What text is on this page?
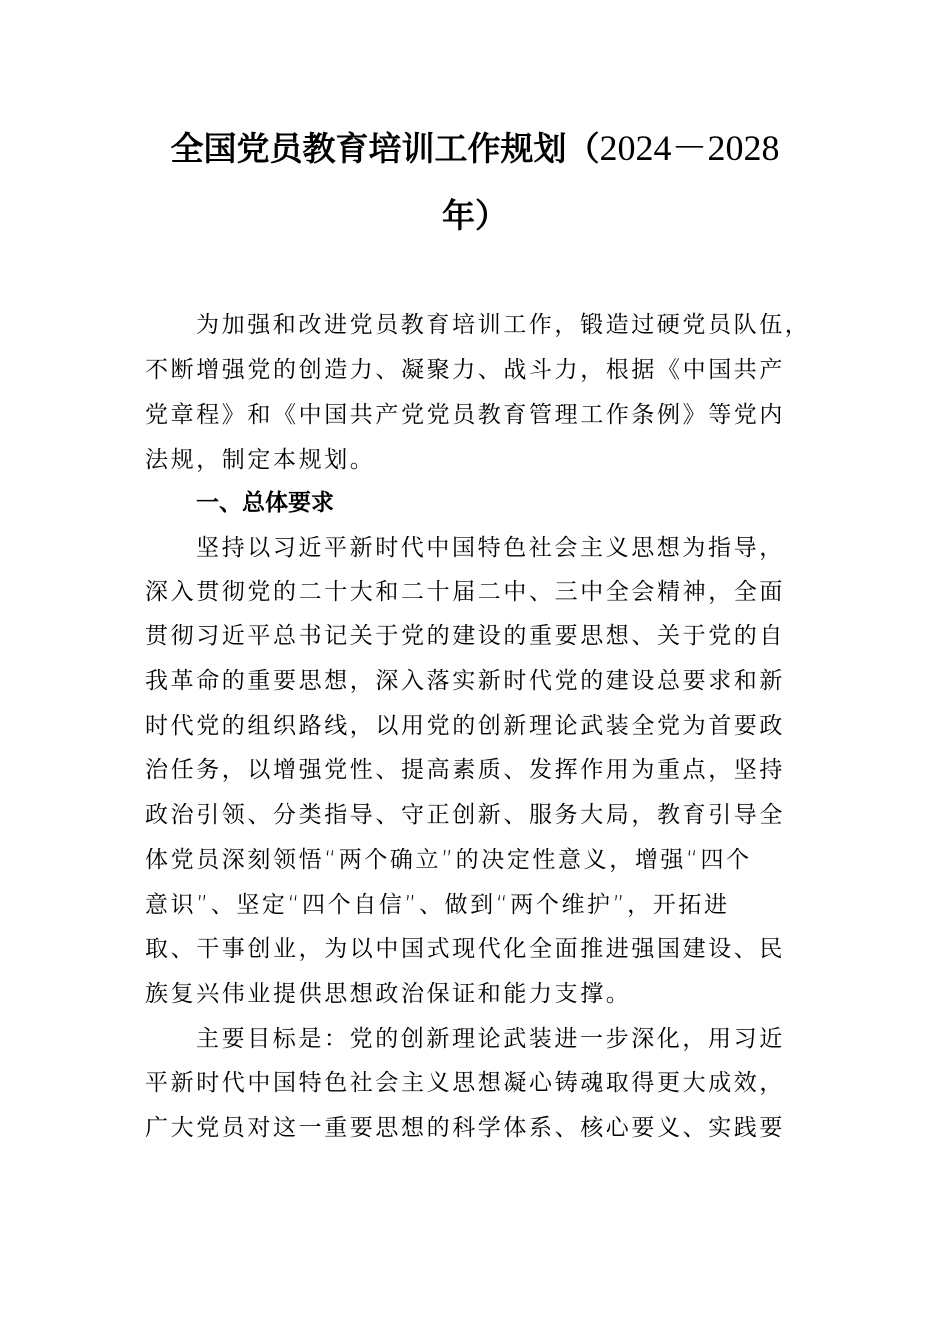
全国党员教育培训工作规划（2024－2028
年）
为加强和改进党员教育培训工作，锻造过硬党员队伍，
不断增强党的创造力、凝聚力、战斗力，根据《中国共产
党章程》和《中国共产党党员教育管理工作条例》等党内
法规，制定本规划。
一、总体要求
坚持以习近平新时代中国特色社会主义思想为指导，
深入贯彻党的二十大和二十届二中、三中全会精神，全面
贯彻习近平总书记关于党的建设的重要思想、关于党的自
我革命的重要思想，深入落实新时代党的建设总要求和新
时代党的组织路线，以用党的创新理论武装全党为首要政
治任务，以增强党性、提高素质、发挥作用为重点，坚持
政治引领、分类指导、守正创新、服务大局，教育引导全
体党员深刻领悟“两个确立”的决定性意义，增强“四个
意识”、坚定“四个自信”、做到“两个维护”，开拓进
取、干事创业，为以中国式现代化全面推进强国建设、民
族复兴伟业提供思想政治保证和能力支撑。
主要目标是：党的创新理论武装进一步深化，用习近
平新时代中国特色社会主义思想凝心铸魂取得更大成效，
广大党员对这一重要思想的科学体系、核心要义、实践要
